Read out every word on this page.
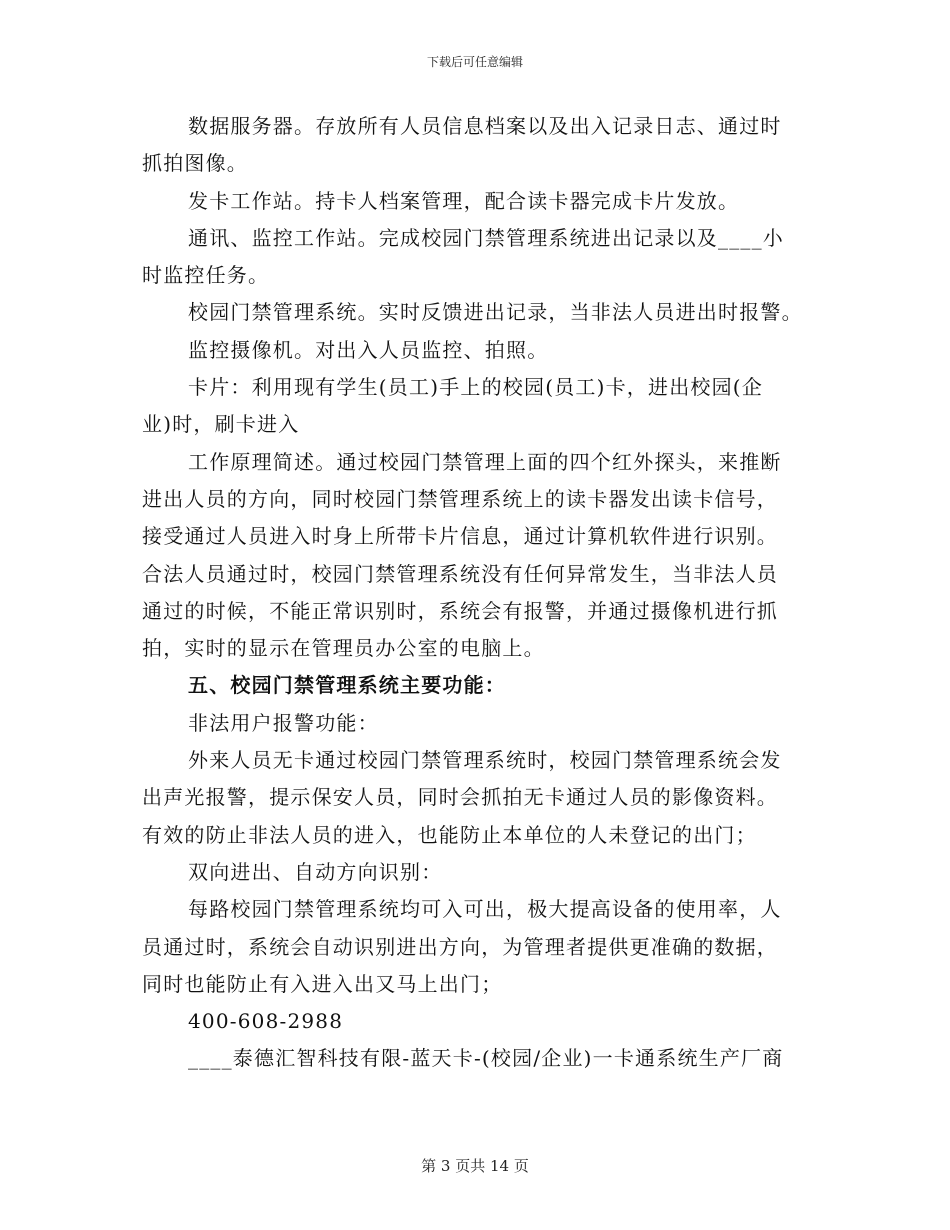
下载后可任意编辑
数据服务器。存放所有人员信息档案以及出入记录日志、通过时
抓拍图像。
发卡工作站。持卡人档案管理，配合读卡器完成卡片发放。
通讯、监控工作站。完成校园门禁管理系统进出记录以及____小
时监控任务。
校园门禁管理系统。实时反馈进出记录，当非法人员进出时报警。
监控摄像机。对出入人员监控、拍照。
卡片：利用现有学生(员工)手上的校园(员工)卡，进出校园(企
业)时，刷卡进入
工作原理简述。通过校园门禁管理上面的四个红外探头，来推断
进出人员的方向，同时校园门禁管理系统上的读卡器发出读卡信号，
接受通过人员进入时身上所带卡片信息，通过计算机软件进行识别。
合法人员通过时，校园门禁管理系统没有任何异常发生，当非法人员
通过的时候，不能正常识别时，系统会有报警，并通过摄像机进行抓
拍，实时的显示在管理员办公室的电脑上。
五、校园门禁管理系统主要功能：
非法用户报警功能：
外来人员无卡通过校园门禁管理系统时，校园门禁管理系统会发
出声光报警，提示保安人员，同时会抓拍无卡通过人员的影像资料。
有效的防止非法人员的进入，也能防止本单位的人未登记的出门；
双向进出、自动方向识别：
每路校园门禁管理系统均可入可出，极大提高设备的使用率，人
员通过时，系统会自动识别进出方向，为管理者提供更准确的数据，
同时也能防止有入进入出又马上出门；
400-608-2988
____泰德汇智科技有限-蓝天卡-(校园/企业)一卡通系统生产厂商
第 3 页共 14 页
